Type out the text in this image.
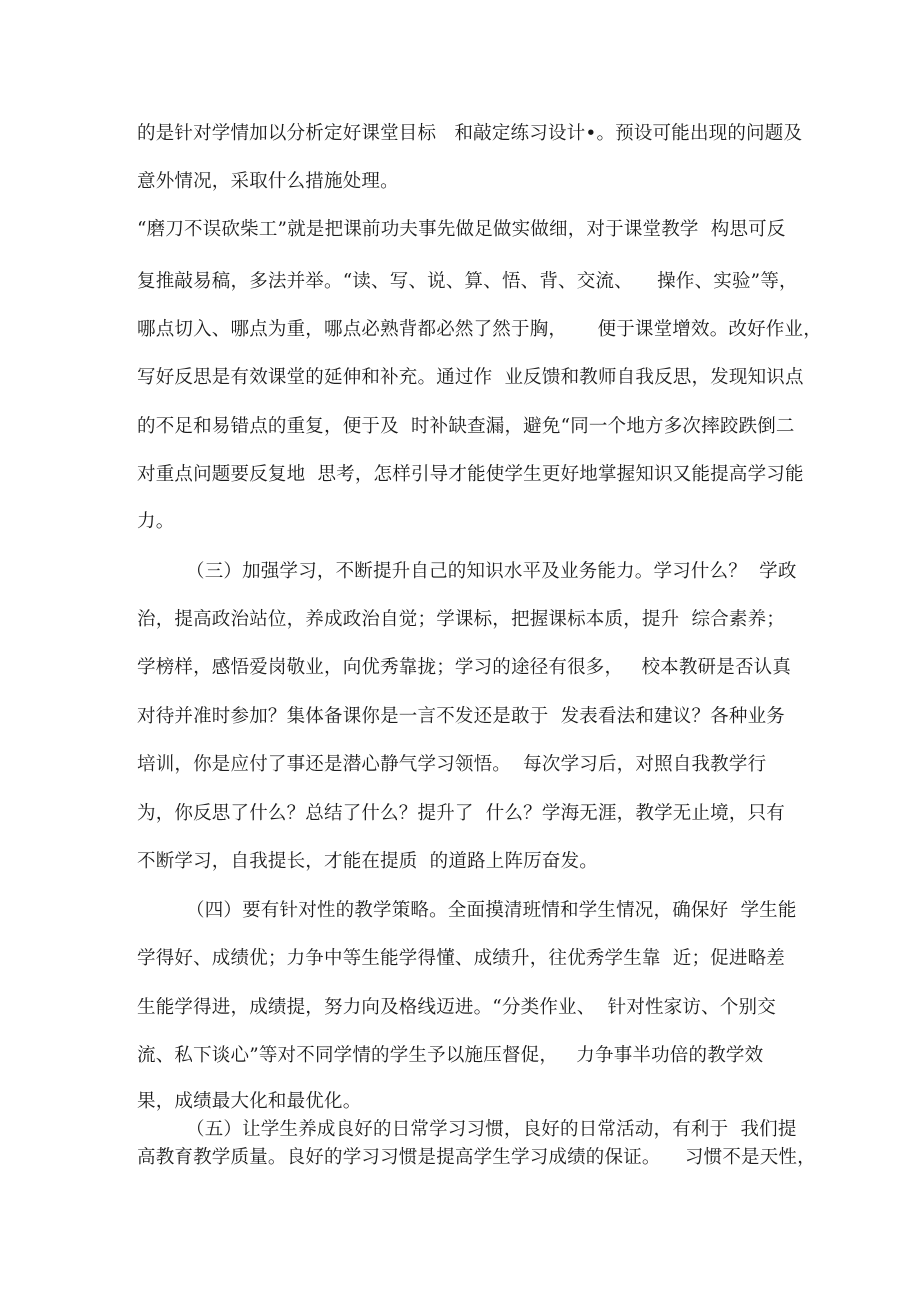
的是针对学情加以分析定好课堂目标   和敲定练习设计•。预设可能出现的问题及
意外情况，采取什么措施处理。
“磨刀不误砍柴工”就是把课前功夫事先做足做实做细，对于课堂教学  构思可反
复推敲易稿，多法并举。“读、写、说、算、悟、背、交流、    操作、实验”等，
哪点切入、哪点为重，哪点必熟背都必然了然于胸，     便于课堂增效。改好作业，
写好反思是有效课堂的延伸和补充。通过作  业反馈和教师自我反思，发现知识点
的不足和易错点的重复，便于及  时补缺查漏，避免“同一个地方多次摔跤跌倒二
对重点问题要反复地  思考，怎样引导才能使学生更好地掌握知识又能提高学习能
力。
（三）加强学习，不断提升自己的知识水平及业务能力。学习什么？  学政
治，提高政治站位，养成政治自觉；学课标，把握课标本质，提升  综合素养；
学榜样，感悟爱岗敬业，向优秀靠拢；学习的途径有很多，   校本教研是否认真
对待并准时参加？集体备课你是一言不发还是敢于  发表看法和建议？各种业务
培训，你是应付了事还是潜心静气学习领悟。  每次学习后，对照自我教学行
为，你反思了什么？总结了什么？提升了  什么？学海无涯，教学无止境，只有
不断学习，自我提长，才能在提质  的道路上阵厉奋发。
（四）要有针对性的教学策略。全面摸清班情和学生情况，确保好  学生能
学得好、成绩优；力争中等生能学得懂、成绩升，往优秀学生靠  近；促进略差
生能学得进，成绩提，努力向及格线迈进。“分类作业、  针对性家访、个别交
流、私下谈心”等对不同学情的学生予以施压督促，   力争事半功倍的教学效
果，成绩最大化和最优化。
（五）让学生养成良好的日常学习习惯，良好的日常活动，有利于  我们提
高教育教学质量。良好的学习习惯是提高学生学习成绩的保证。    习惯不是天性，
